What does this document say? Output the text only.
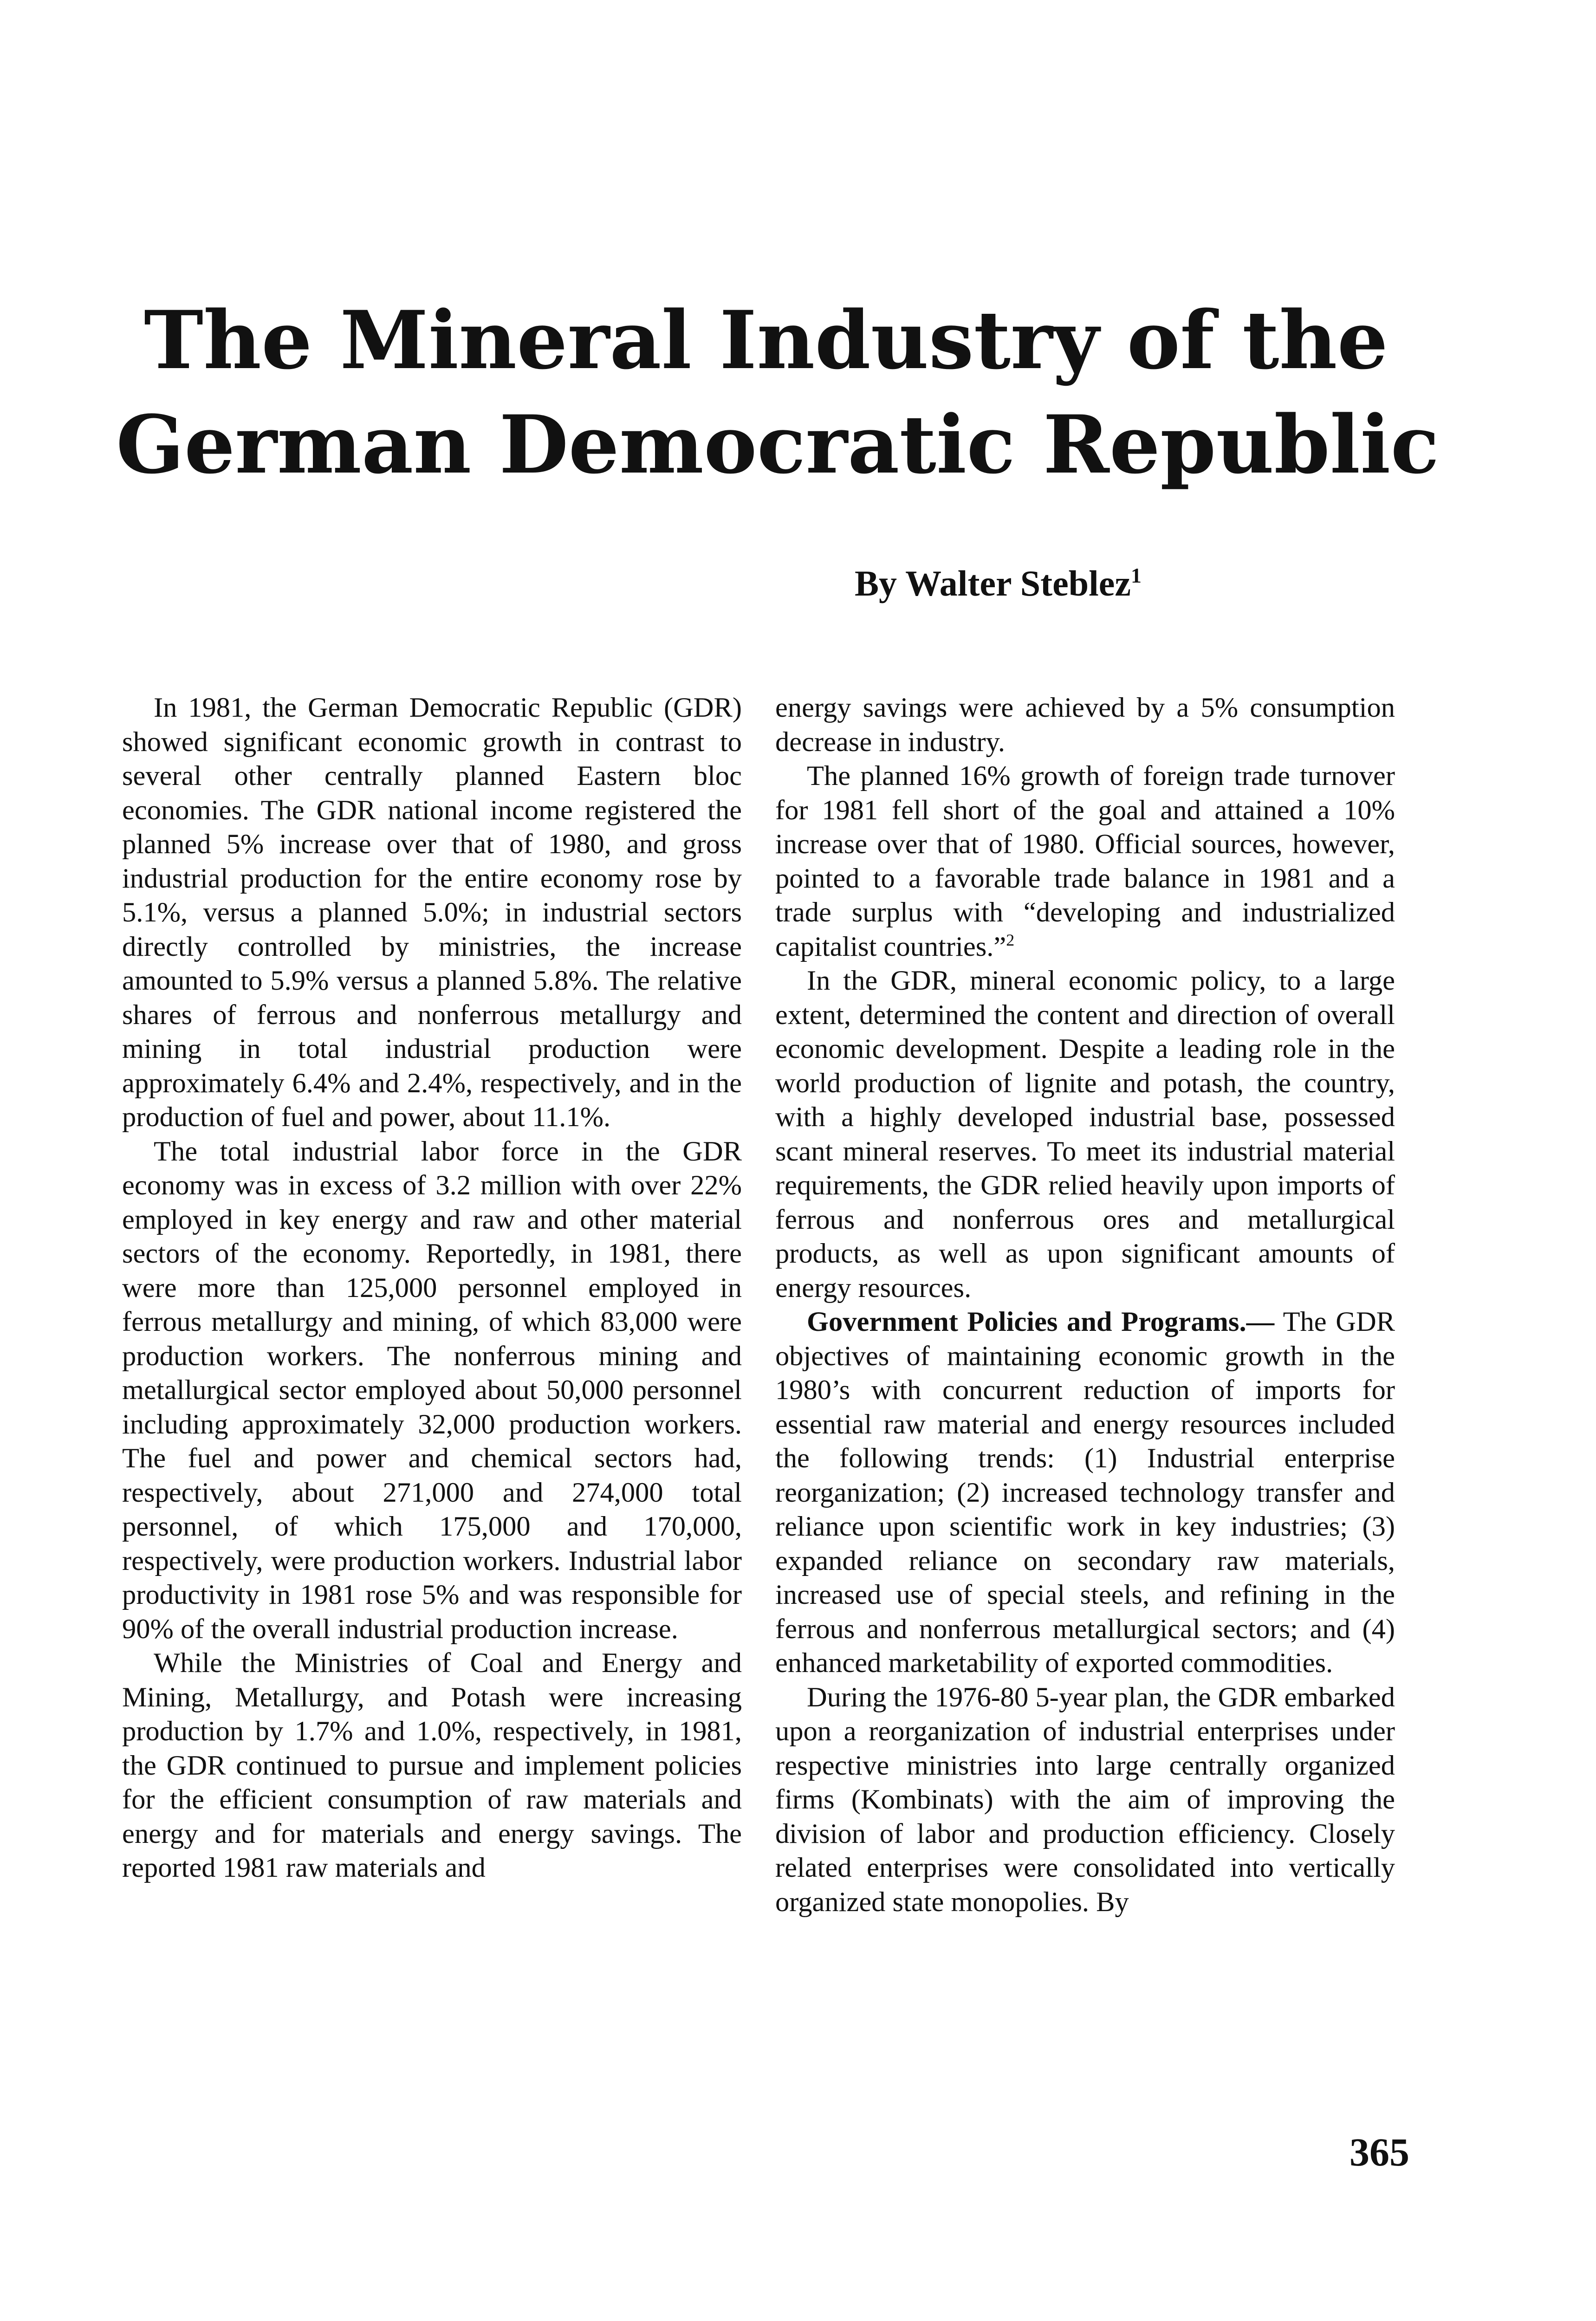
The Mineral Industry of the
German Democratic Republic
By Walter Steblez$^1$

In 1981, the German Democratic Republic (GDR) showed significant economic growth in contrast to several other centrally planned Eastern bloc economies. The GDR national income registered the planned 5% increase over that of 1980, and gross industrial production for the entire economy rose by 5.1%, versus a planned 5.0%; in industrial sectors directly controlled by ministries, the increase amounted to 5.9% versus a planned 5.8%. The relative shares of ferrous and nonferrous metallurgy and mining in total industrial production were approximately 6.4% and 2.4%, respectively, and in the production of fuel and power, about 11.1%.

The total industrial labor force in the GDR economy was in excess of 3.2 million with over 22% employed in key energy and raw and other material sectors of the economy. Reportedly, in 1981, there were more than 125,000 personnel employed in ferrous metallurgy and mining, of which 83,000 were production workers. The nonferrous mining and metallurgical sector employed about 50,000 personnel including approximately 32,000 production workers. The fuel and power and chemical sectors had, respectively, about 271,000 and 274,000 total personnel, of which 175,000 and 170,000, respectively, were production workers. Industrial labor productivity in 1981 rose 5% and was responsible for 90% of the overall industrial production increase.

While the Ministries of Coal and Energy and Mining, Metallurgy, and Potash were increasing production by 1.7% and 1.0%, respectively, in 1981, the GDR continued to pursue and implement policies for the efficient consumption of raw materials and energy and for materials and energy savings. The reported 1981 raw materials and

energy savings were achieved by a 5% consumption decrease in industry.

The planned 16% growth of foreign trade turnover for 1981 fell short of the goal and attained a 10% increase over that of 1980. Official sources, however, pointed to a favorable trade balance in 1981 and a trade surplus with “developing and industrialized capitalist countries.”$^2$

In the GDR, mineral economic policy, to a large extent, determined the content and direction of overall economic development. Despite a leading role in the world production of lignite and potash, the country, with a highly developed industrial base, possessed scant mineral reserves. To meet its industrial material requirements, the GDR relied heavily upon imports of ferrous and nonferrous ores and metallurgical products, as well as upon significant amounts of energy resources.

Government Policies and Programs.— The GDR objectives of maintaining economic growth in the 1980’s with concurrent reduction of imports for essential raw material and energy resources included the following trends: (1) Industrial enterprise reorganization; (2) increased technology transfer and reliance upon scientific work in key industries; (3) expanded reliance on secondary raw materials, increased use of special steels, and refining in the ferrous and nonferrous metallurgical sectors; and (4) enhanced marketability of exported commodities.

During the 1976-80 5-year plan, the GDR embarked upon a reorganization of industrial enterprises under respective ministries into large centrally organized firms (Kombinats) with the aim of improving the division of labor and production efficiency. Closely related enterprises were consolidated into vertically organized state monopolies. By

365
